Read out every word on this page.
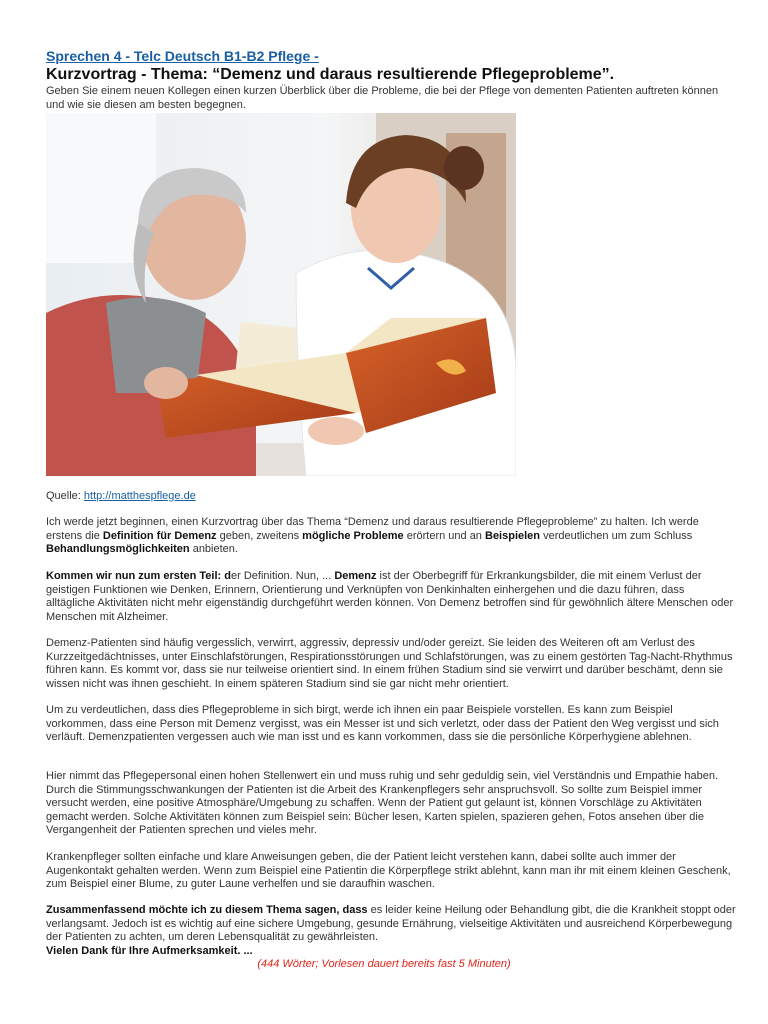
Sprechen 4 - Telc Deutsch B1-B2 Pflege -
Kurzvortrag - Thema: “Demenz und daraus resultierende Pflegeprobleme”.
Geben Sie einem neuen Kollegen einen kurzen Überblick über die Probleme, die bei der Pflege von dementen Patienten auftreten können und wie sie diesen am besten begegnen.
Quelle: http://matthespflege.de

Ich werde jetzt beginnen, einen Kurzvortrag über das Thema “Demenz und daraus resultierende Pflegeprobleme” zu halten. Ich werde erstens die Definition für Demenz geben, zweitens mögliche Probleme erörtern und an Beispielen verdeutlichen um zum Schluss Behandlungsmöglichkeiten anbieten.

Kommen wir nun zum ersten Teil: der Definition. Nun, ... Demenz ist der Oberbegriff für Erkrankungsbilder, die mit einem Verlust der geistigen Funktionen wie Denken, Erinnern, Orientierung und Verknüpfen von Denkinhalten einhergehen und die dazu führen, dass alltägliche Aktivitäten nicht mehr eigenständig durchgeführt werden können. Von Demenz betroffen sind für gewöhnlich ältere Menschen oder Menschen mit Alzheimer.

Demenz-Patienten sind häufig vergesslich, verwirrt, aggressiv, depressiv und/oder gereizt. Sie leiden des Weiteren oft am Verlust des Kurzzeitgedächtnisses, unter Einschlafstörungen, Respirationsstörungen und Schlafstörungen, was zu einem gestörten Tag-Nacht-Rhythmus führen kann. Es kommt vor, dass sie nur teilweise orientiert sind. In einem frühen Stadium sind sie verwirrt und darüber beschämt, denn sie wissen nicht was ihnen geschieht. In einem späteren Stadium sind sie gar nicht mehr orientiert.

Um zu verdeutlichen, dass dies Pflegeprobleme in sich birgt, werde ich ihnen ein paar Beispiele vorstellen. Es kann zum Beispiel vorkommen, dass eine Person mit Demenz vergisst, was ein Messer ist und sich verletzt, oder dass der Patient den Weg vergisst und sich verläuft. Demenzpatienten vergessen auch wie man isst und es kann vorkommen, dass sie die persönliche Körperhygiene ablehnen.

Hier nimmt das Pflegepersonal einen hohen Stellenwert ein und muss ruhig und sehr geduldig sein, viel Verständnis und Empathie haben. Durch die Stimmungsschwankungen der Patienten ist die Arbeit des Krankenpflegers sehr anspruchsvoll. So sollte zum Beispiel immer versucht werden, eine positive Atmosphäre/Umgebung zu schaffen. Wenn der Patient gut gelaunt ist, können Vorschläge zu Aktivitäten gemacht werden. Solche Aktivitäten können zum Beispiel sein: Bücher lesen, Karten spielen, spazieren gehen, Fotos ansehen über die Vergangenheit der Patienten sprechen und vieles mehr.

Krankenpfleger sollten einfache und klare Anweisungen geben, die der Patient leicht verstehen kann, dabei sollte auch immer der Augenkontakt gehalten werden. Wenn zum Beispiel eine Patientin die Körperpflege strikt ablehnt, kann man ihr mit einem kleinen Geschenk, zum Beispiel einer Blume, zu guter Laune verhelfen und sie daraufhin waschen.

Zusammenfassend möchte ich zu diesem Thema sagen, dass es leider keine Heilung oder Behandlung gibt, die die Krankheit stoppt oder verlangsamt. Jedoch ist es wichtig auf eine sichere Umgebung, gesunde Ernährung, vielseitige Aktivitäten und ausreichend Körperbewegung der Patienten zu achten, um deren Lebensqualität zu gewährleisten.
Vielen Dank für Ihre Aufmerksamkeit. ...

(444 Wörter; Vorlesen dauert bereits fast 5 Minuten)
